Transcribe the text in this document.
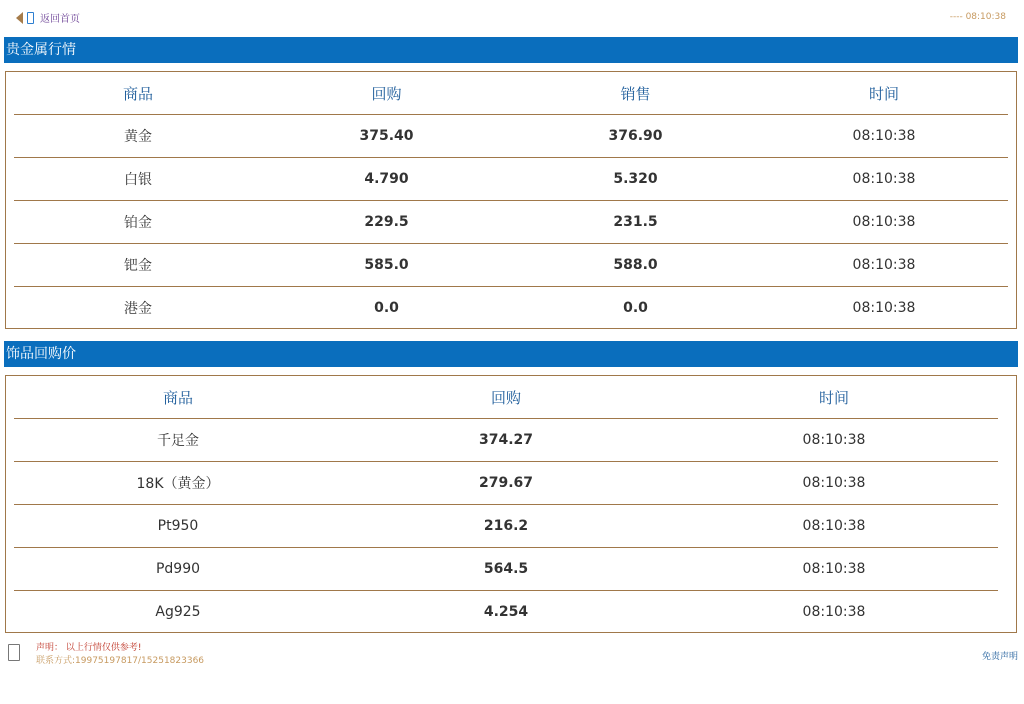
返回首页	---- 08:10:38
贵金属行情
商品	回购	销售	时间
黄金	375.40	376.90	08:10:38
白银	4.790	5.320	08:10:38
铂金	229.5	231.5	08:10:38
钯金	585.0	588.0	08:10:38
港金	0.0	0.0	08:10:38
饰品回购价
商品	回购	时间
千足金	374.27	08:10:38
18K（黄金）	279.67	08:10:38
Pt950	216.2	08:10:38
Pd990	564.5	08:10:38
Ag925	4.254	08:10:38
声明： 以上行情仅供参考!
联系方式:19975197817/15251823366	免责声明
